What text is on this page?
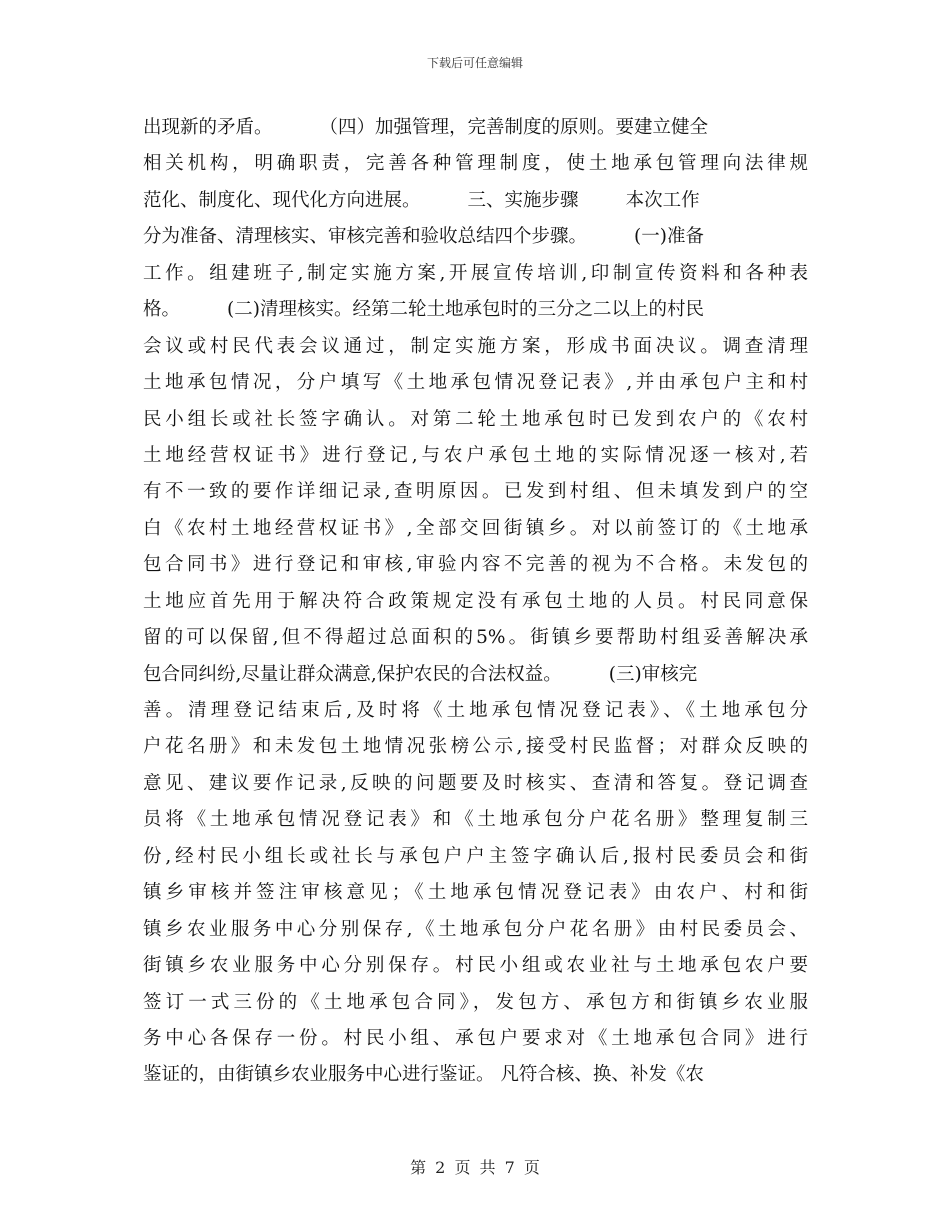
下载后可任意编辑
出现新的矛盾。        （四）加强管理，完善制度的原则。要建立健全
相关机构，明确职责，完善各种管理制度，使土地承包管理向法律规
范化、制度化、现代化方向进展。        三、实施步骤        本次工作
分为准备、清理核实、审核完善和验收总结四个步骤。        (一)准备
工作。组建班子,制定实施方案,开展宣传培训,印制宣传资料和各种表
格。        (二)清理核实。经第二轮土地承包时的三分之二以上的村民
会议或村民代表会议通过，制定实施方案，形成书面决议。调查清理
土地承包情况，分户填写《土地承包情况登记表》,并由承包户主和村
民小组长或社长签字确认。对第二轮土地承包时已发到农户的《农村
土地经营权证书》进行登记,与农户承包土地的实际情况逐一核对,若
有不一致的要作详细记录,查明原因。已发到村组、但未填发到户的空
白《农村土地经营权证书》,全部交回街镇乡。对以前签订的《土地承
包合同书》进行登记和审核,审验内容不完善的视为不合格。未发包的
土地应首先用于解决符合政策规定没有承包土地的人员。村民同意保
留的可以保留,但不得超过总面积的5%。街镇乡要帮助村组妥善解决承
包合同纠纷,尽量让群众满意,保护农民的合法权益。        (三)审核完
善。清理登记结束后,及时将《土地承包情况登记表》、《土地承包分
户花名册》和未发包土地情况张榜公示,接受村民监督；对群众反映的
意见、建议要作记录,反映的问题要及时核实、查清和答复。登记调查
员将《土地承包情况登记表》和《土地承包分户花名册》整理复制三
份,经村民小组长或社长与承包户户主签字确认后,报村民委员会和街
镇乡审核并签注审核意见；《土地承包情况登记表》由农户、村和街
镇乡农业服务中心分别保存,《土地承包分户花名册》由村民委员会、
街镇乡农业服务中心分别保存。村民小组或农业社与土地承包农户要
签订一式三份的《土地承包合同》，发包方、承包方和街镇乡农业服
务中心各保存一份。村民小组、承包户要求对《土地承包合同》进行
鉴证的，由街镇乡农业服务中心进行鉴证。 凡符合核、换、补发《农
第 2 页 共 7 页
